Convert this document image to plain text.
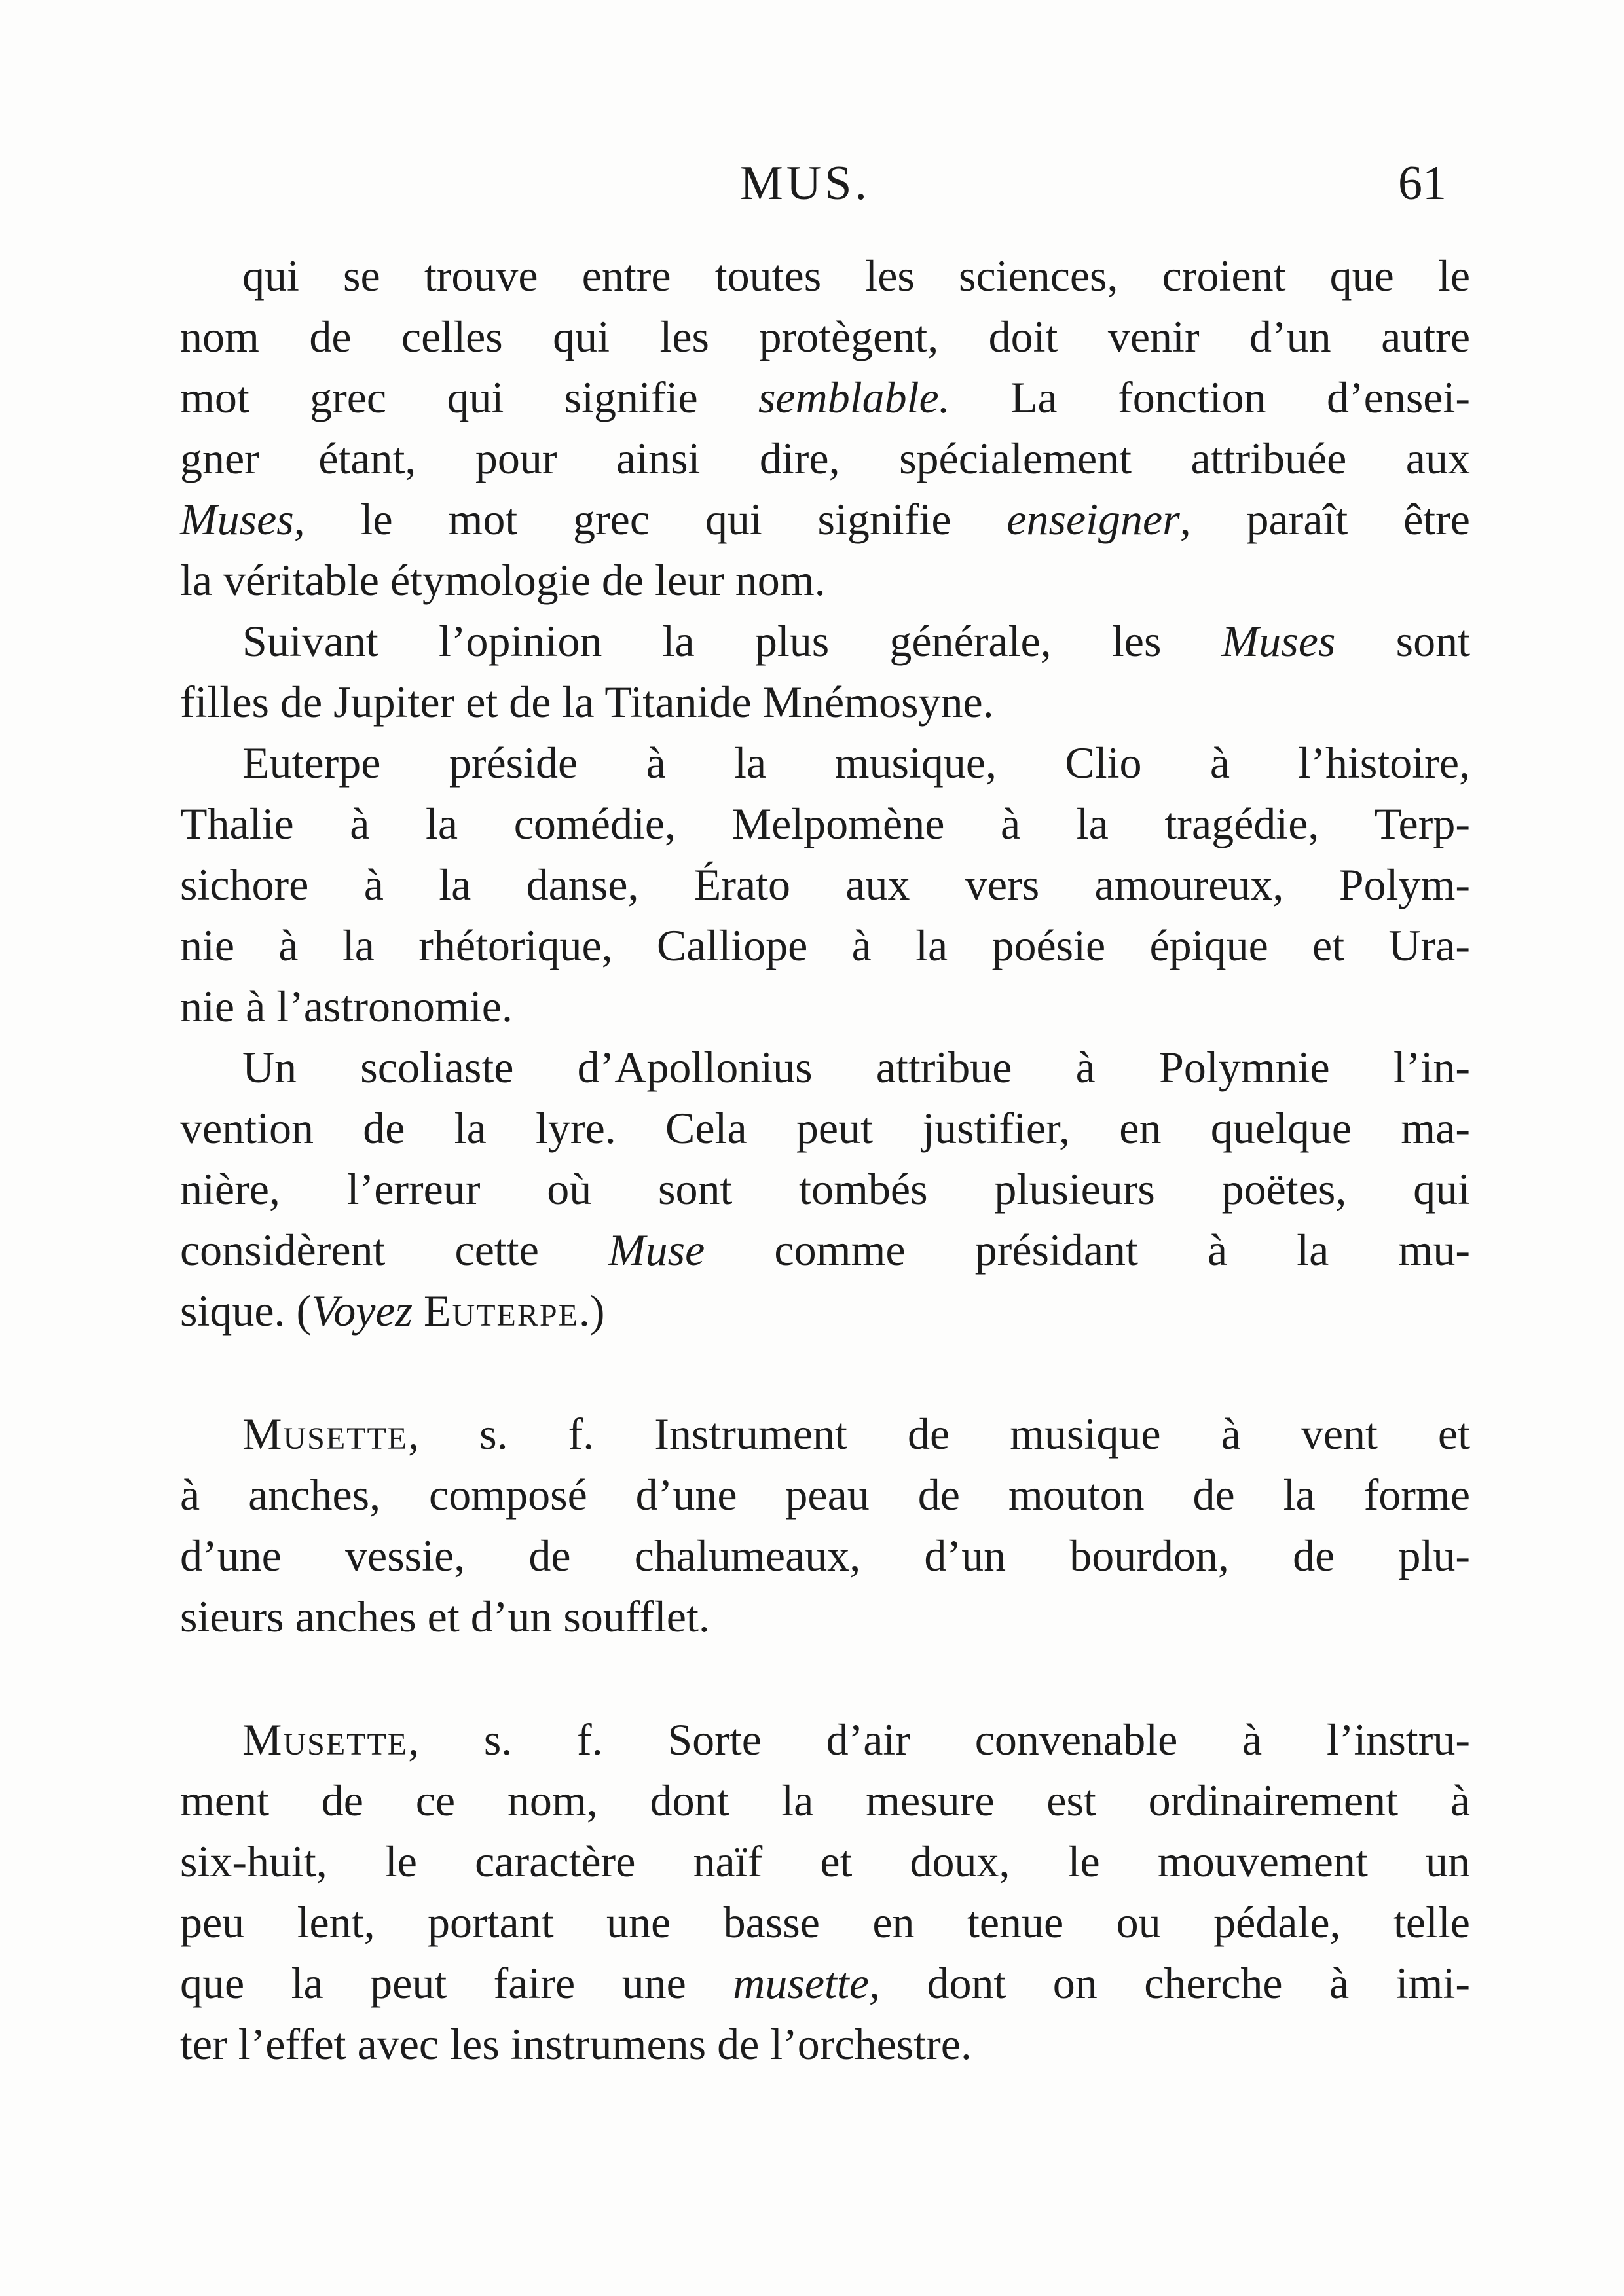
MUS.	61
qui se trouve entre toutes les sciences, croient que le
nom de celles qui les protègent, doit venir d’un autre
mot grec qui signifie semblable. La fonction d’ensei-
gner étant, pour ainsi dire, spécialement attribuée aux
Muses, le mot grec qui signifie enseigner, paraît être
la véritable étymologie de leur nom.
Suivant l’opinion la plus générale, les Muses sont
filles de Jupiter et de la Titanide Mnémosyne.
Euterpe préside à la musique, Clio à l’histoire,
Thalie à la comédie, Melpomène à la tragédie, Terp-
sichore à la danse, Érato aux vers amoureux, Polym-
nie à la rhétorique, Calliope à la poésie épique et Ura-
nie à l’astronomie.
Un scoliaste d’Apollonius attribue à Polymnie l’in-
vention de la lyre. Cela peut justifier, en quelque ma-
nière, l’erreur où sont tombés plusieurs poëtes, qui
considèrent cette Muse comme présidant à la mu-
sique. (Voyez Euterpe.)
Musette, s. f. Instrument de musique à vent et
à anches, composé d’une peau de mouton de la forme
d’une vessie, de chalumeaux, d’un bourdon, de plu-
sieurs anches et d’un soufflet.
Musette, s. f. Sorte d’air convenable à l’instru-
ment de ce nom, dont la mesure est ordinairement à
six-huit, le caractère naïf et doux, le mouvement un
peu lent, portant une basse en tenue ou pédale, telle
que la peut faire une musette, dont on cherche à imi-
ter l’effet avec les instrumens de l’orchestre.
